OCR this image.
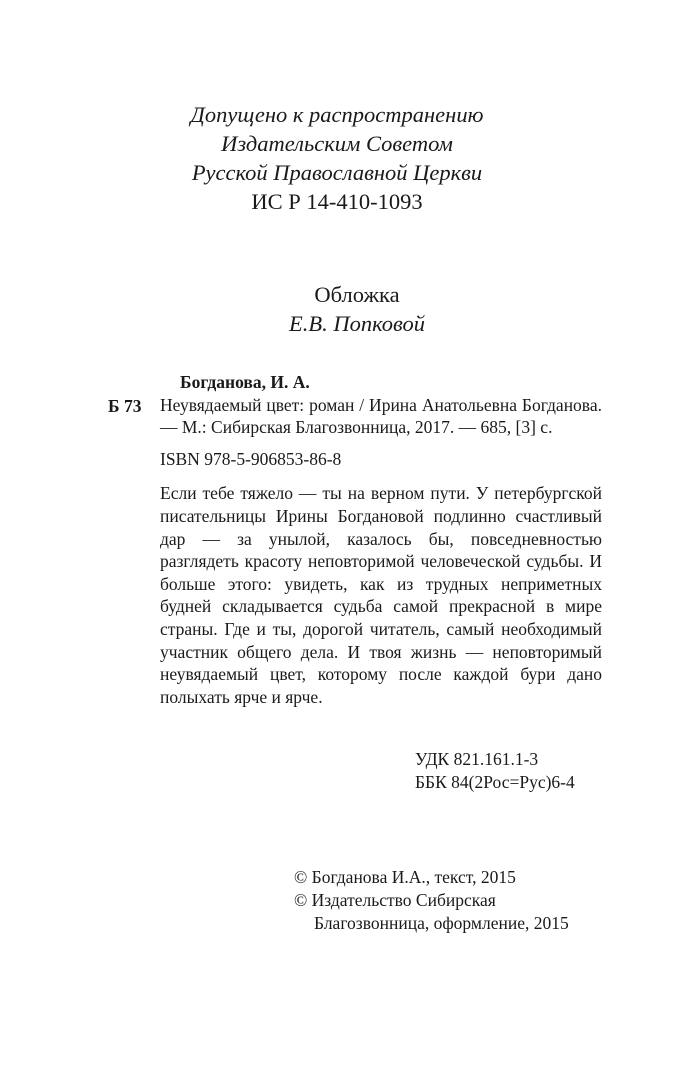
Допущено к распространению
Издательским Советом
Русской Православной Церкви
ИС Р 14-410-1093
Обложка
Е.В. Попковой
Б 73
Богданова, И. А.
Неувядаемый цвет: роман / Ирина Анатольевна Богданова. — М.: Сибирская Благозвонница, 2017. — 685, [3] с.
ISBN 978-5-906853-86-8
Если тебе тяжело — ты на верном пути. У петербургской писательницы Ирины Богдановой подлинно счастливый дар — за унылой, казалось бы, повседневностью разглядеть красоту неповторимой человеческой судьбы. И больше этого: увидеть, как из трудных неприметных будней складывается судьба самой прекрасной в мире страны. Где и ты, дорогой читатель, самый необходимый участник общего дела. И твоя жизнь — неповторимый неувядаемый цвет, которому после каждой бури дано полыхать ярче и ярче.
УДК 821.161.1-3
ББК 84(2Рос=Рус)6-4
© Богданова И.А., текст, 2015
© Издательство Сибирская
Благозвонница, оформление, 2015
